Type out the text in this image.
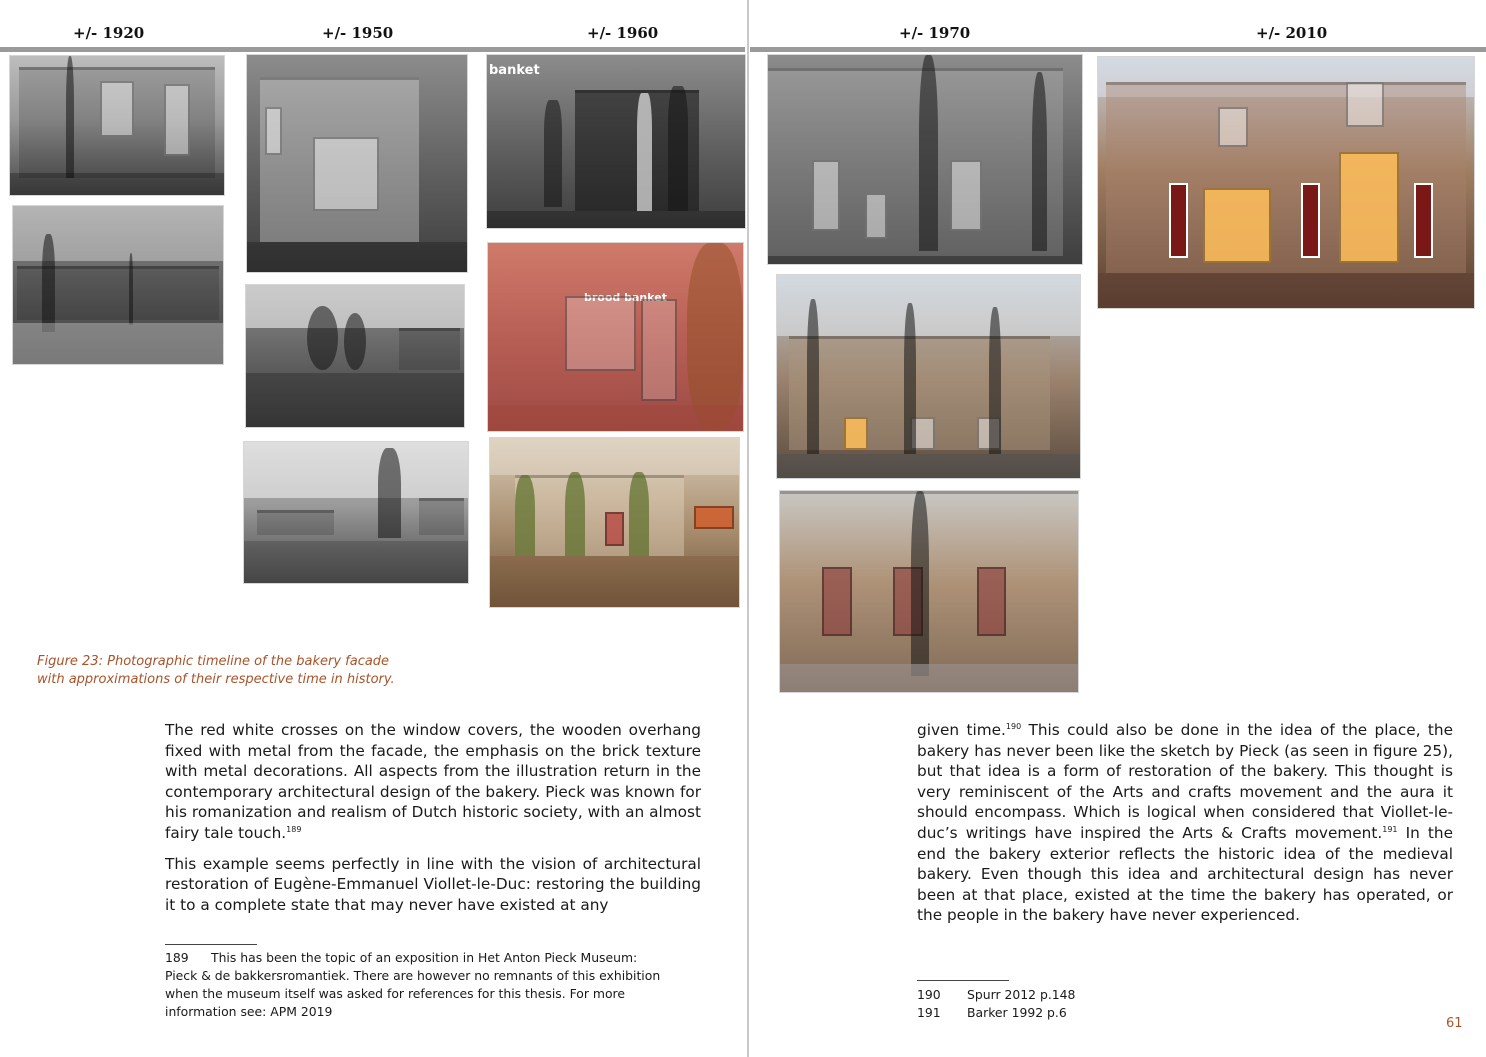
+/- 1920	+/- 1950	+/- 1960	+/- 1970	+/- 2010
banket
brood banket
Figure 23: Photographic timeline of the bakery facade
with approximations of their respective time in history.

The red white crosses on the window covers, the wooden overhang fixed with metal from the facade, the emphasis on the brick texture with metal decorations. All aspects from the illustration return in the contemporary architectural design of the bakery. Pieck was known for his romanization and realism of Dutch historic society, with an almost fairy tale touch.$^{189}$

This example seems perfectly in line with the vision of architectural restoration of Eugène-Emmanuel Viollet-le-Duc: restoring the building it to a complete state that may never have existed at any

given time.$^{190}$ This could also be done in the idea of the place, the bakery has never been like the sketch by Pieck (as seen in figure 25), but that idea is a form of restoration of the bakery. This thought is very reminiscent of the Arts and crafts movement and the aura it should encompass. Which is logical when considered that Viollet-le-duc’s writings have inspired the Arts & Crafts movement.$^{191}$ In the end the bakery exterior reflects the historic idea of the medieval bakery. Even though this idea and architectural design has never been at that place, existed at the time the bakery has operated, or the people in the bakery have never experienced.

189 This has been the topic of an exposition in Het Anton Pieck Museum:
Pieck & de bakkersromantiek. There are however no remnants of this exhibition when the museum itself was asked for references for this thesis. For more information see: APM 2019
190	Spurr 2012 p.148
191	Barker 1992 p.6
61
